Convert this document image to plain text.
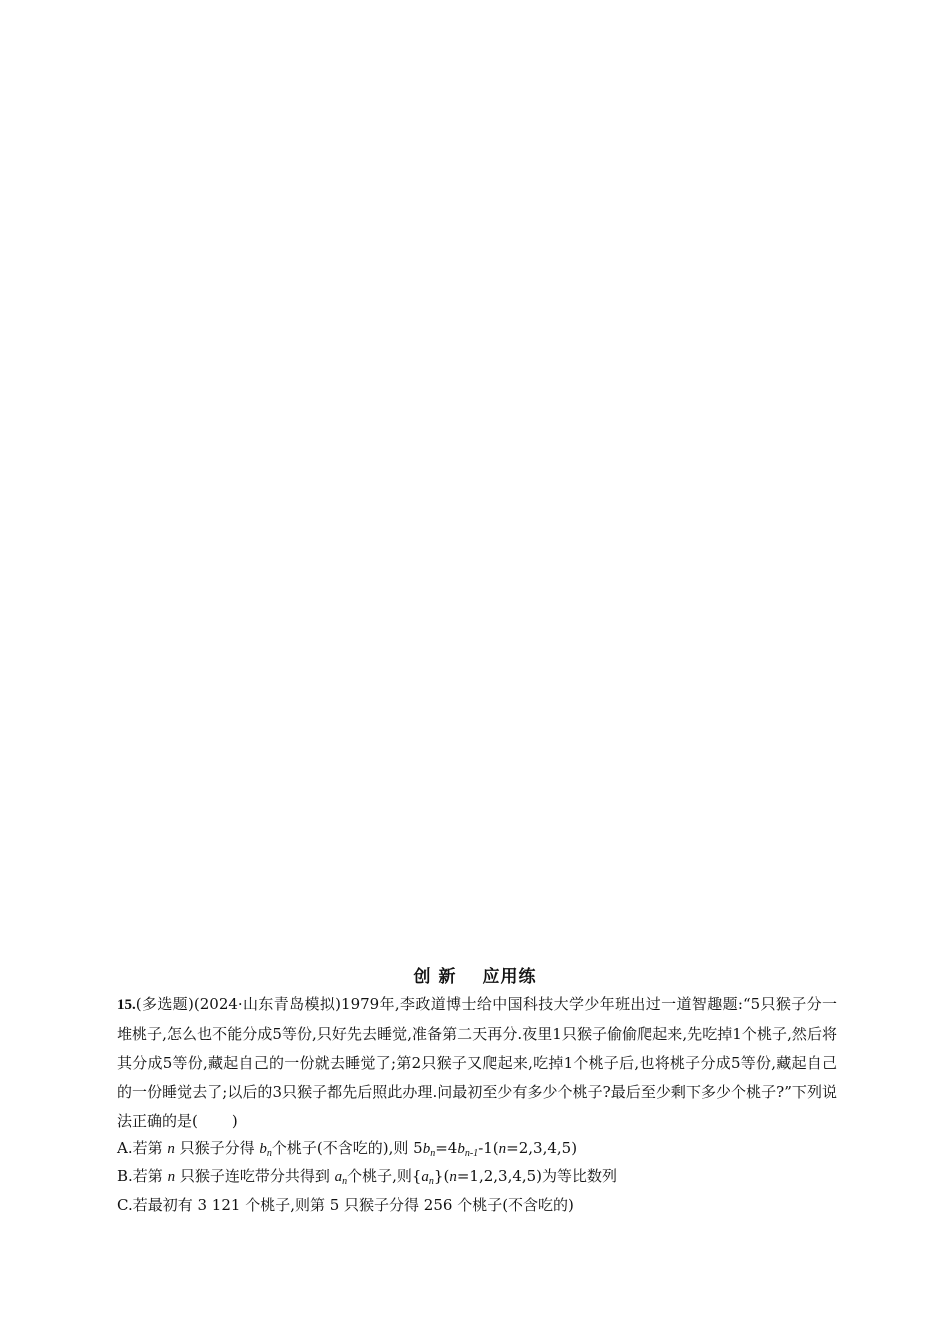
创 新 应用练
15.(多选题)(2024·山东青岛模拟)1979年,李政道博士给中国科技大学少年班出过一道智趣题:“5只猴子分一堆桃子,怎么也不能分成5等份,只好先去睡觉,准备第二天再分.夜里1只猴子偷偷爬起来,先吃掉1个桃子,然后将其分成5等份,藏起自己的一份就去睡觉了;第2只猴子又爬起来,吃掉1个桃子后,也将桃子分成5等份,藏起自己的一份睡觉去了;以后的3只猴子都先后照此办理.问最初至少有多少个桃子?最后至少剩下多少个桃子?”下列说法正确的是( )
A.若第 n 只猴子分得 $b_n$个桃子(不含吃的),则 $5b_n=4b_{n-1}-1(n=2,3,4,5)$
B.若第 n 只猴子连吃带分共得到 $a_n$个桃子,则$\{a_n\}(n=1,2,3,4,5)$为等比数列
C.若最初有 3 121 个桃子,则第 5 只猴子分得 256 个桃子(不含吃的)
